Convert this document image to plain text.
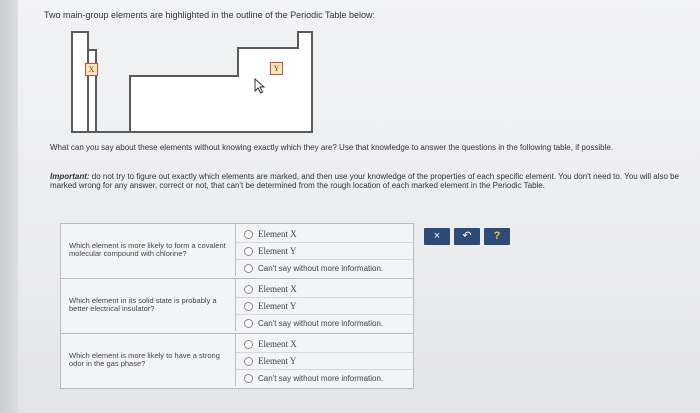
Two main-group elements are highlighted in the outline of the Periodic Table below:
X	Y
What can you say about these elements without knowing exactly which they are? Use that knowledge to answer the questions in the following table, if possible.
Important: do not try to figure out exactly which elements are marked, and then use your knowledge of the properties of each specific element. You don't need to. You will also be marked wrong for any answer, correct or not, that can't be determined from the rough location of each marked element in the Periodic Table.
Which element is more likely to form a covalent molecular compound with chlorine?
Element X
Element Y
Can't say without more information.
Which element in its solid state is probably a better electrical insulator?
Element X
Element Y
Can't say without more information.
Which element is more likely to have a strong odor in the gas phase?
Element X
Element Y
Can't say without more information.
×	↶	?
